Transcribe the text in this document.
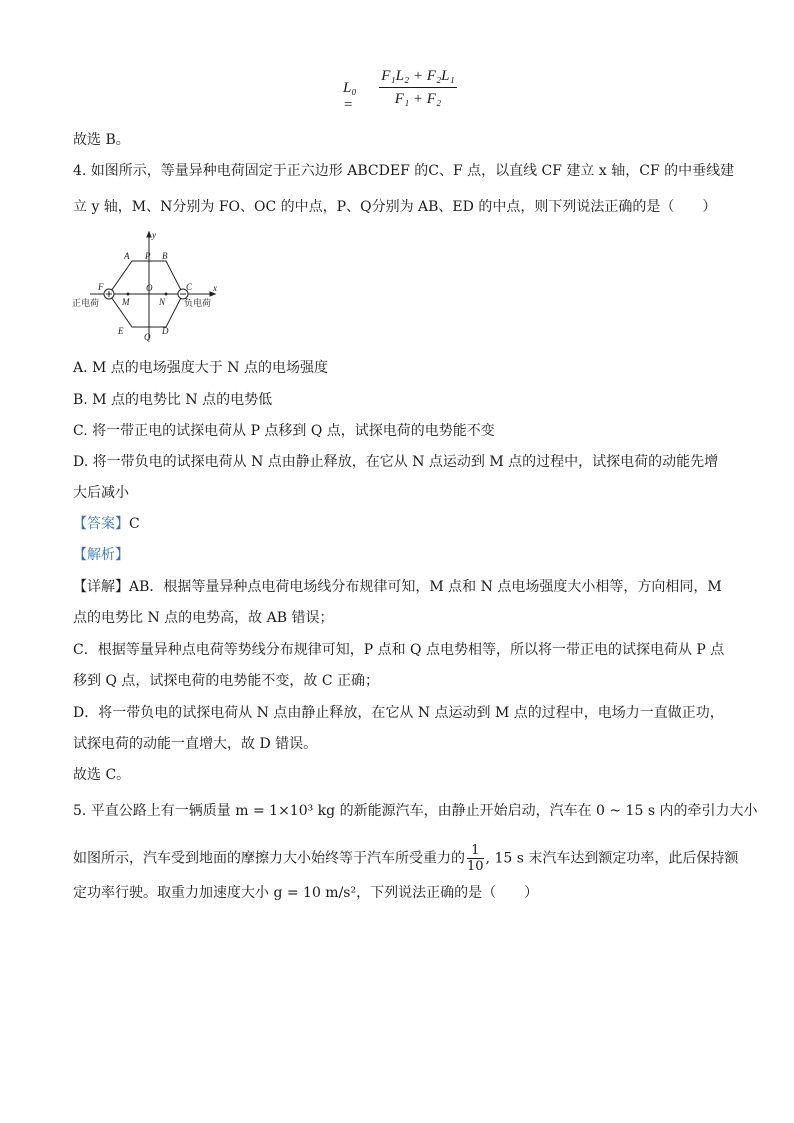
L₀ =
F₁L₂ + F₂L₁
F₁ + F₂
故选 B。
4. 如图所示，等量异种电荷固定于正六边形 ABCDEF 的C、F 点，以直线 CF 建立 x 轴，CF 的中垂线建
立 y 轴，M、N分别为 FO、OC 的中点，P、Q分别为 AB、ED 的中点，则下列说法正确的是（　　）
y
x
A P B
F	O	C
M	N
E
Q
D
正电荷	负电荷
A. M 点的电场强度大于 N 点的电场强度
B. M 点的电势比 N 点的电势低
C. 将一带正电的试探电荷从 P 点移到 Q 点，试探电荷的电势能不变
D. 将一带负电的试探电荷从 N 点由静止释放，在它从 N 点运动到 M 点的过程中，试探电荷的动能先增
大后减小
【答案】C
【解析】
【详解】AB．根据等量异种点电荷电场线分布规律可知，M 点和 N 点电场强度大小相等，方向相同，M
点的电势比 N 点的电势高，故 AB 错误；
C．根据等量异种点电荷等势线分布规律可知，P 点和 Q 点电势相等，所以将一带正电的试探电荷从 P 点
移到 Q 点，试探电荷的电势能不变，故 C 正确；
D．将一带负电的试探电荷从 N 点由静止释放，在它从 N 点运动到 M 点的过程中，电场力一直做正功，
试探电荷的动能一直增大，故 D 错误。
故选 C。
5. 平直公路上有一辆质量 m = 1×10³ kg 的新能源汽车，由静止开始启动，汽车在 0 ~ 15 s 内的牵引力大小
如图所示，汽车受到地面的摩擦力大小始终等于汽车所受重力的 $\frac{1}{10}$ , 15 s 末汽车达到额定功率，此后保持额
定功率行驶。取重力加速度大小 g = 10 m/s²，下列说法正确的是（　　）
